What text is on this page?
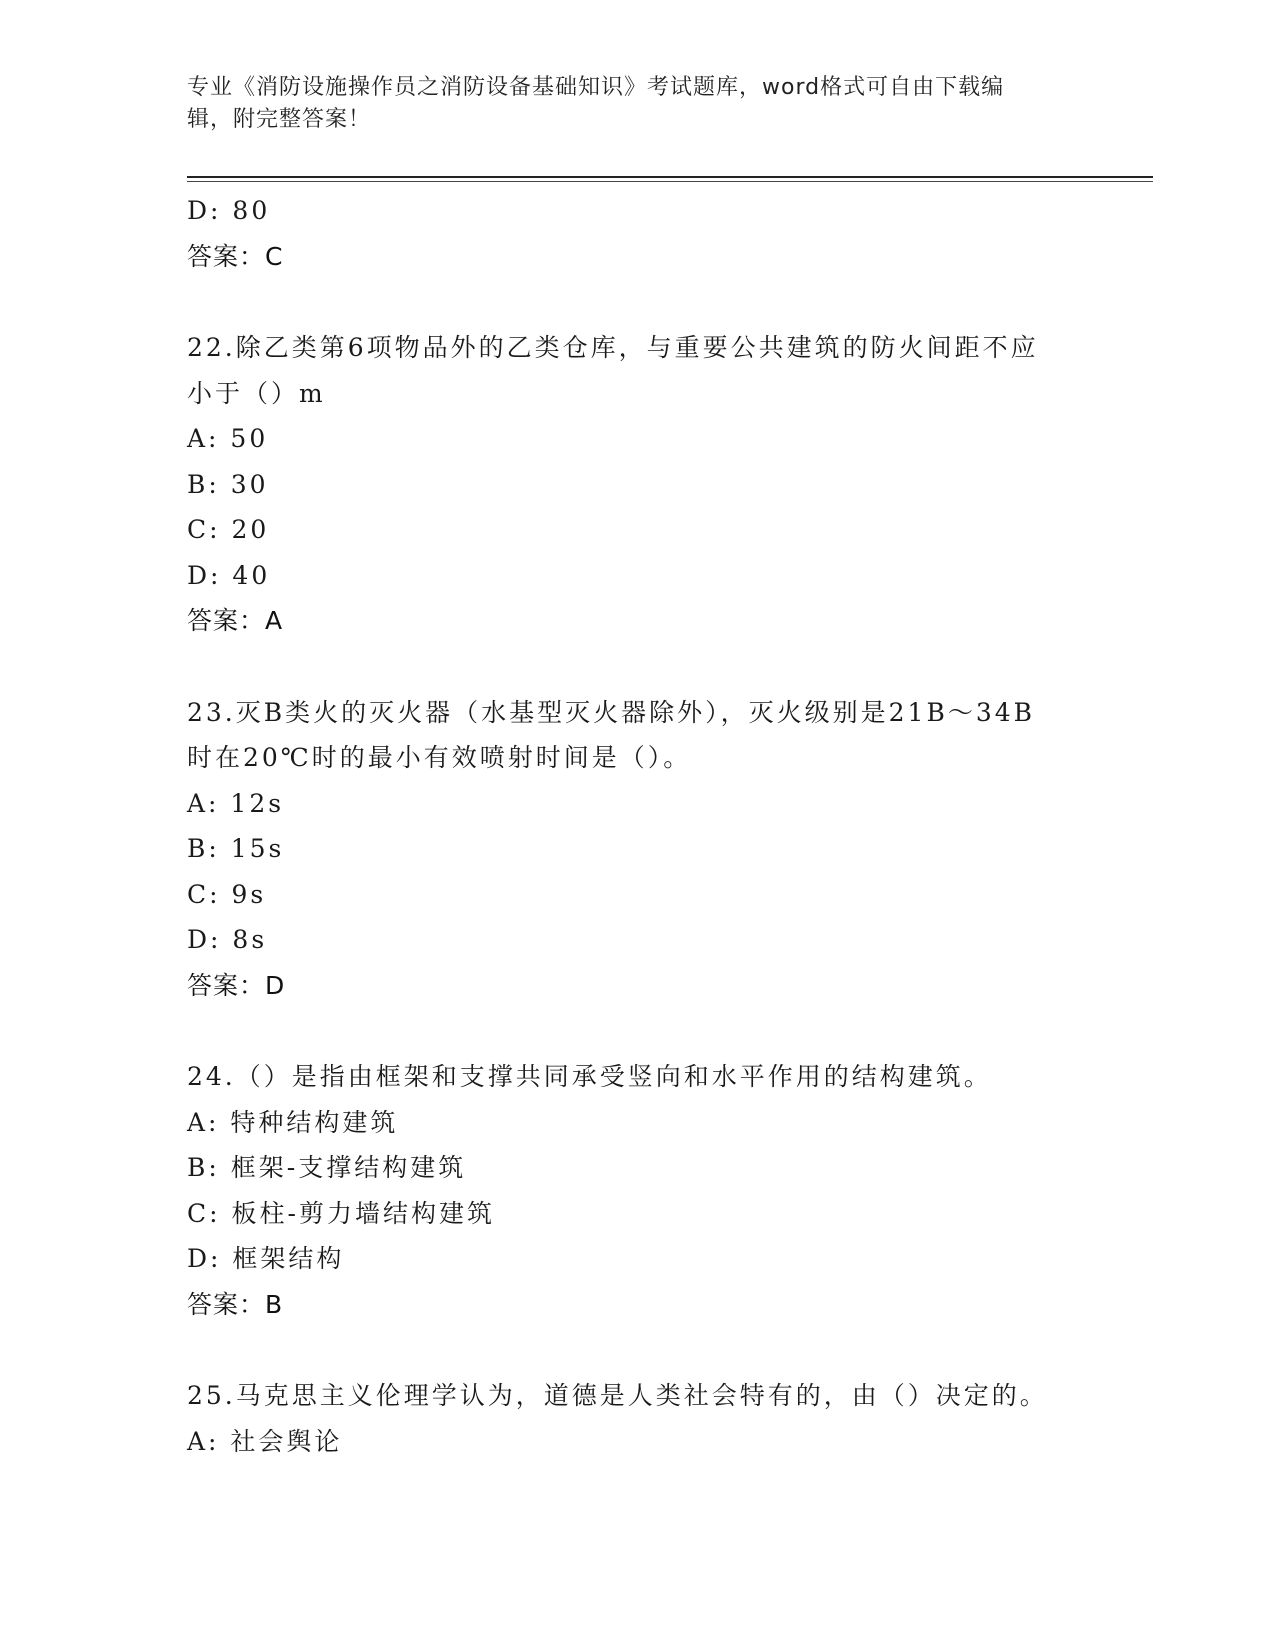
专业《消防设施操作员之消防设备基础知识》考试题库，word格式可自由下载编
辑，附完整答案！
D: 80
答案：C
22.除乙类第6项物品外的乙类仓库，与重要公共建筑的防火间距不应
小于（）m
A: 50
B: 30
C: 20
D: 40
答案：A
23.灭B类火的灭火器（水基型灭火器除外），灭火级别是21B～34B
时在20℃时的最小有效喷射时间是（）。
A: 12s
B: 15s
C: 9s
D: 8s
答案：D
24.（）是指由框架和支撑共同承受竖向和水平作用的结构建筑。
A: 特种结构建筑
B: 框架-支撑结构建筑
C: 板柱-剪力墙结构建筑
D: 框架结构
答案：B
25.马克思主义伦理学认为，道德是人类社会特有的，由（）决定的。
A: 社会舆论
